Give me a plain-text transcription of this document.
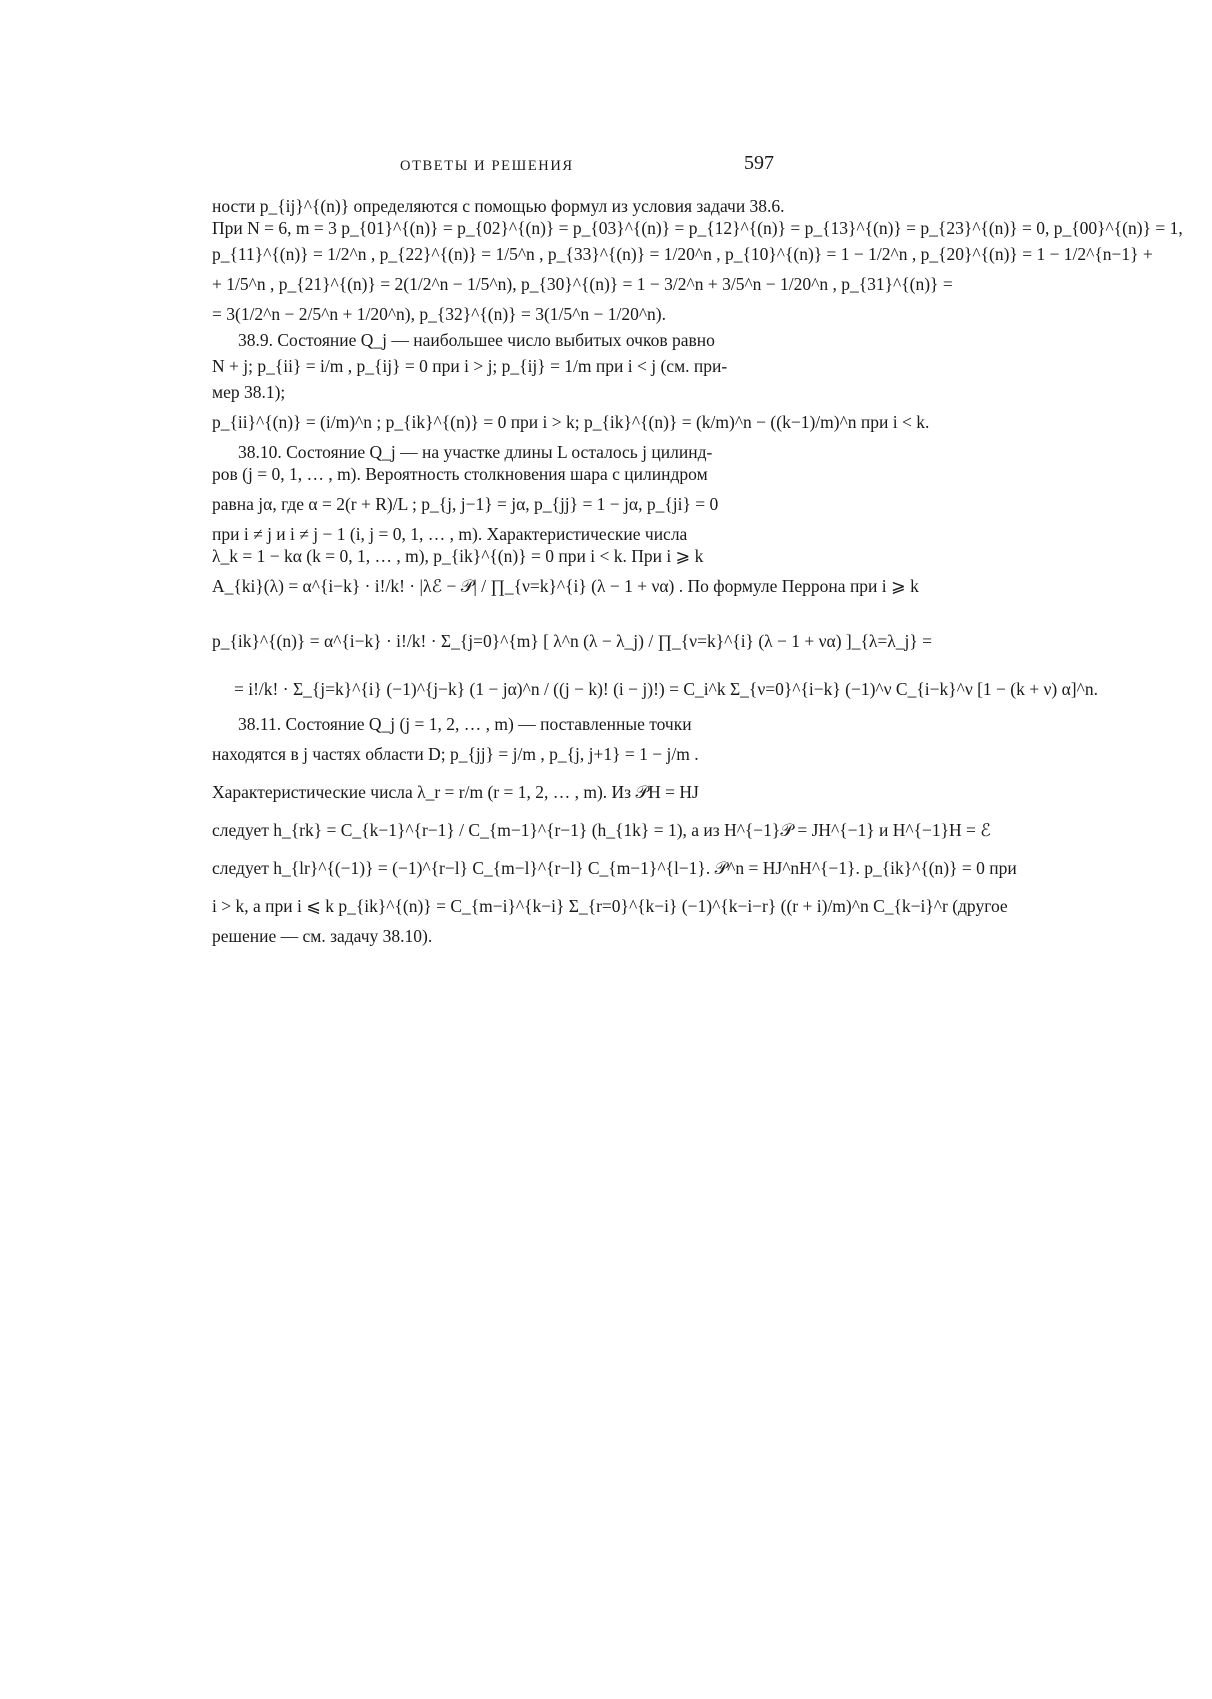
ОТВЕТЫ И РЕШЕНИЯ	597
ности p_{ij}^{(n)} определяются с помощью формул из условия задачи 38.6.
При N = 6, m = 3 p_{01}^{(n)} = p_{02}^{(n)} = p_{03}^{(n)} = p_{12}^{(n)} = p_{13}^{(n)} = p_{23}^{(n)} = 0, p_{00}^{(n)} = 1,
p_{11}^{(n)} = 1/2^n , p_{22}^{(n)} = 1/5^n , p_{33}^{(n)} = 1/20^n , p_{10}^{(n)} = 1 − 1/2^n , p_{20}^{(n)} = 1 − 1/2^{n−1} +
+ 1/5^n , p_{21}^{(n)} = 2(1/2^n − 1/5^n), p_{30}^{(n)} = 1 − 3/2^n + 3/5^n − 1/20^n , p_{31}^{(n)} =
= 3(1/2^n − 2/5^n + 1/20^n), p_{32}^{(n)} = 3(1/5^n − 1/20^n).
38.9. Состояние Q_j — наибольшее число выбитых очков равно
N + j; p_{ii} = i/m , p_{ij} = 0 при i > j; p_{ij} = 1/m при i < j (см. при-
мер 38.1);
p_{ii}^{(n)} = (i/m)^n ; p_{ik}^{(n)} = 0 при i > k; p_{ik}^{(n)} = (k/m)^n − ((k−1)/m)^n при i < k.
38.10. Состояние Q_j — на участке длины L осталось j цилинд-
ров (j = 0, 1, … , m). Вероятность столкновения шара с цилиндром
равна jα, где α = 2(r + R)/L ; p_{j, j−1} = jα, p_{jj} = 1 − jα, p_{ji} = 0
при i ≠ j и i ≠ j − 1 (i, j = 0, 1, … , m). Характеристические числа
λ_k = 1 − kα (k = 0, 1, … , m), p_{ik}^{(n)} = 0 при i < k. При i ⩾ k
A_{ki}(λ) = α^{i−k} · i!/k! · |λℰ − 𝒫| / ∏_{ν=k}^{i} (λ − 1 + να) . По формуле Перрона при i ⩾ k
p_{ik}^{(n)} = α^{i−k} · i!/k! · Σ_{j=0}^{m} [ λ^n (λ − λ_j) / ∏_{ν=k}^{i} (λ − 1 + να) ]_{λ=λ_j} =
= i!/k! · Σ_{j=k}^{i} (−1)^{j−k} (1 − jα)^n / ((j − k)! (i − j)!) = C_i^k Σ_{ν=0}^{i−k} (−1)^ν C_{i−k}^ν [1 − (k + ν) α]^n.
38.11. Состояние Q_j (j = 1, 2, … , m) — поставленные точки
находятся в j частях области D; p_{jj} = j/m , p_{j, j+1} = 1 − j/m .
Характеристические числа λ_r = r/m (r = 1, 2, … , m). Из 𝒫H = HJ
следует h_{rk} = C_{k−1}^{r−1} / C_{m−1}^{r−1} (h_{1k} = 1), а из H^{−1}𝒫 = JH^{−1} и H^{−1}H = ℰ
следует h_{lr}^{(−1)} = (−1)^{r−l} C_{m−l}^{r−l} C_{m−1}^{l−1}. 𝒫^n = HJ^nH^{−1}. p_{ik}^{(n)} = 0 при
i > k, а при i ⩽ k p_{ik}^{(n)} = C_{m−i}^{k−i} Σ_{r=0}^{k−i} (−1)^{k−i−r} ((r + i)/m)^n C_{k−i}^r (другое
решение — см. задачу 38.10).
